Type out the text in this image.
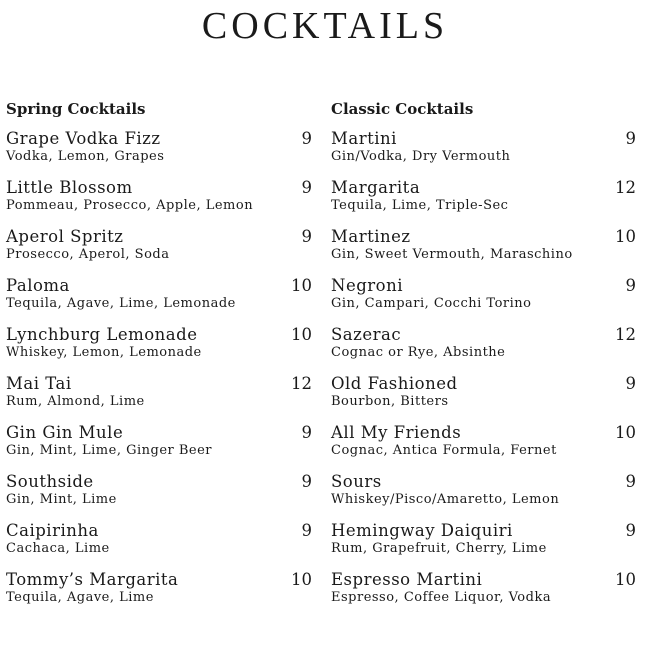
COCKTAILS
Spring Cocktails
Grape Vodka Fizz	9
Vodka, Lemon, Grapes
Little Blossom	9
Pommeau, Prosecco, Apple, Lemon
Aperol Spritz	9
Prosecco, Aperol, Soda
Paloma	10
Tequila, Agave, Lime, Lemonade
Lynchburg Lemonade	10
Whiskey, Lemon, Lemonade
Mai Tai	12
Rum, Almond, Lime
Gin Gin Mule	9
Gin, Mint, Lime, Ginger Beer
Southside	9
Gin, Mint, Lime
Caipirinha	9
Cachaca, Lime
Tommy’s Margarita	10
Tequila, Agave, Lime
Classic Cocktails
Martini	9
Gin/Vodka, Dry Vermouth
Margarita	12
Tequila, Lime, Triple-Sec
Martinez	10
Gin, Sweet Vermouth, Maraschino
Negroni	9
Gin, Campari, Cocchi Torino
Sazerac	12
Cognac or Rye, Absinthe
Old Fashioned	9
Bourbon, Bitters
All My Friends	10
Cognac, Antica Formula, Fernet
Sours	9
Whiskey/Pisco/Amaretto, Lemon
Hemingway Daiquiri	9
Rum, Grapefruit, Cherry, Lime
Espresso Martini	10
Espresso, Coffee Liquor, Vodka
